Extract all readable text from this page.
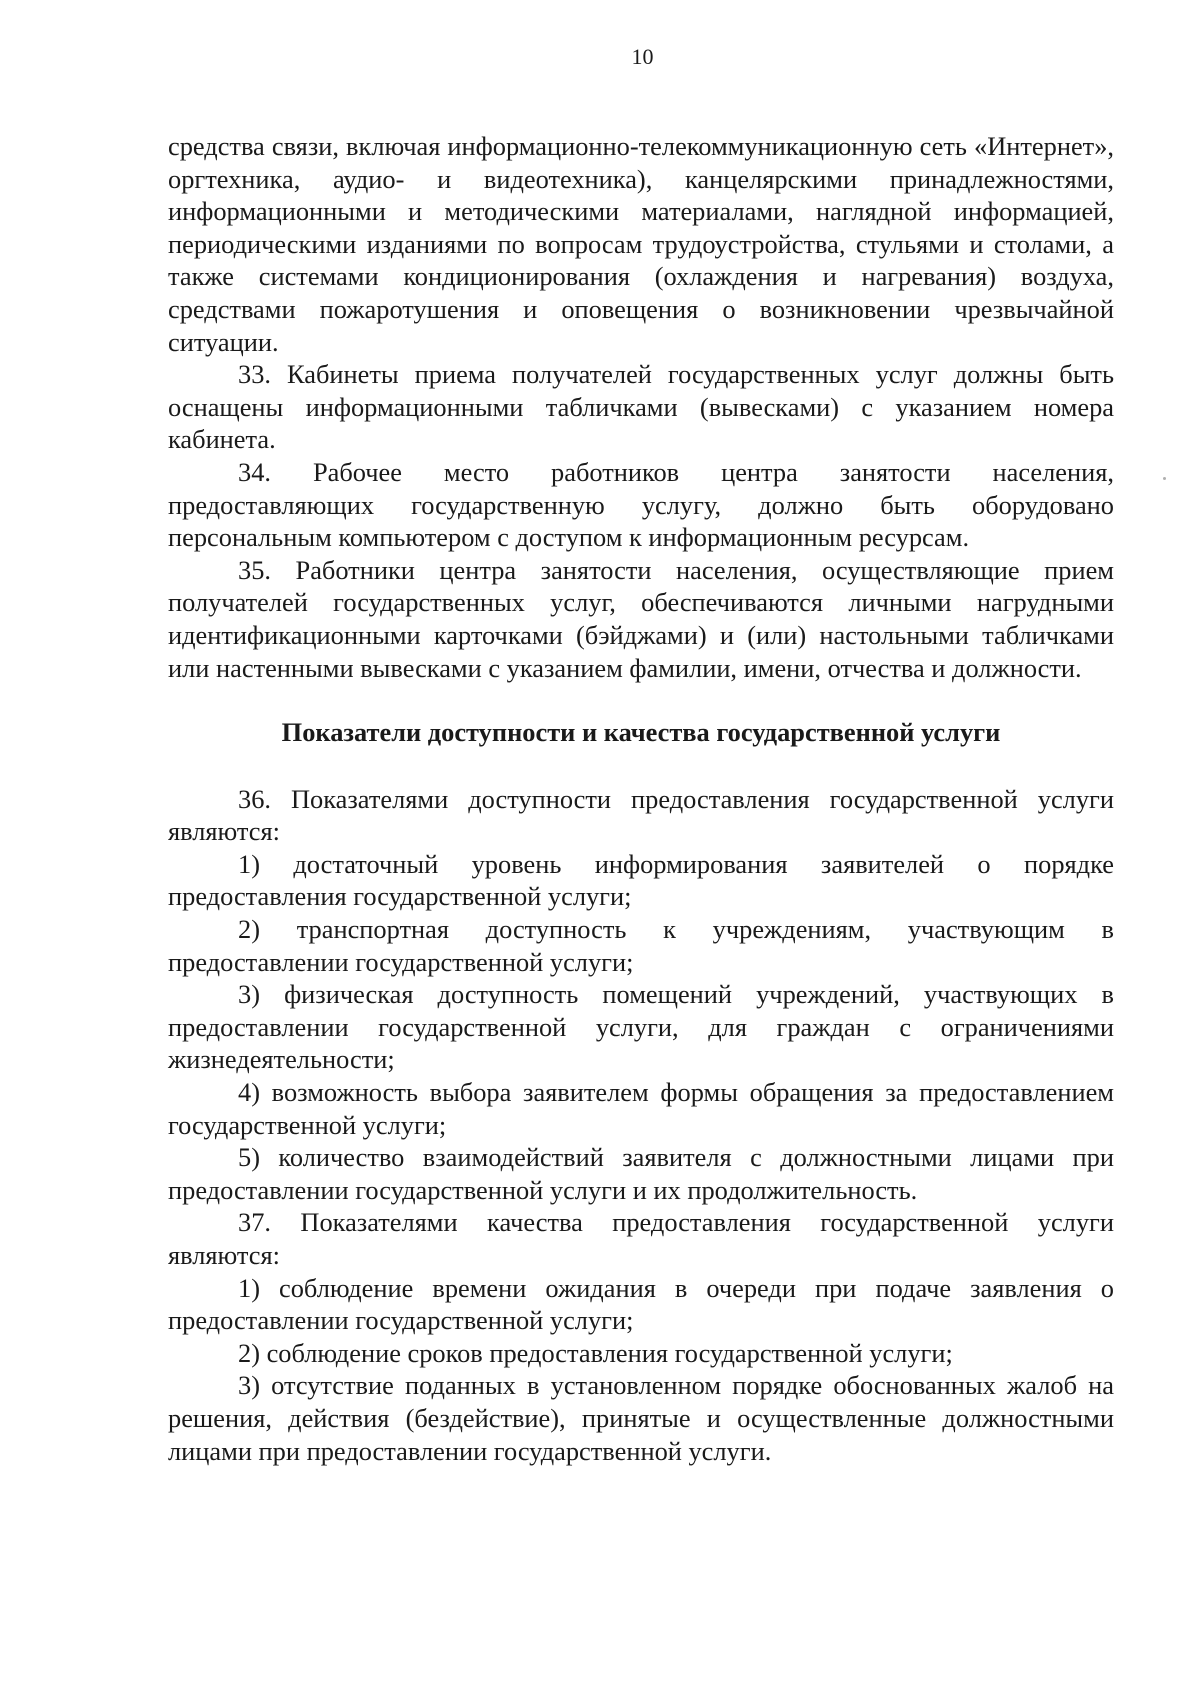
10

средства связи, включая информационно-телекоммуникационную сеть «Интернет», оргтехника, аудио- и видеотехника), канцелярскими принадлежностями, информационными и методическими материалами, наглядной информацией, периодическими изданиями по вопросам трудоустройства, стульями и столами, а также системами кондиционирования (охлаждения и нагревания) воздуха, средствами пожаротушения и оповещения о возникновении чрезвычайной ситуации.

33. Кабинеты приема получателей государственных услуг должны быть оснащены информационными табличками (вывесками) с указанием номера кабинета.

34. Рабочее место работников центра занятости населения, предоставляющих государственную услугу, должно быть оборудовано персональным компьютером с доступом к информационным ресурсам.

35. Работники центра занятости населения, осуществляющие прием получателей государственных услуг, обеспечиваются личными нагрудными идентификационными карточками (бэйджами) и (или) настольными табличками или настенными вывесками с указанием фамилии, имени, отчества и должности.

Показатели доступности и качества государственной услуги

36. Показателями доступности предоставления государственной услуги являются:

1) достаточный уровень информирования заявителей о порядке предоставления государственной услуги;

2) транспортная доступность к учреждениям, участвующим в предоставлении государственной услуги;

3) физическая доступность помещений учреждений, участвующих в предоставлении государственной услуги, для граждан с ограничениями жизнедеятельности;

4) возможность выбора заявителем формы обращения за предоставлением государственной услуги;

5) количество взаимодействий заявителя с должностными лицами при предоставлении государственной услуги и их продолжительность.

37. Показателями качества предоставления государственной услуги являются:

1) соблюдение времени ожидания в очереди при подаче заявления о предоставлении государственной услуги;

2) соблюдение сроков предоставления государственной услуги;

3) отсутствие поданных в установленном порядке обоснованных жалоб на решения, действия (бездействие), принятые и осуществленные должностными лицами при предоставлении государственной услуги.
